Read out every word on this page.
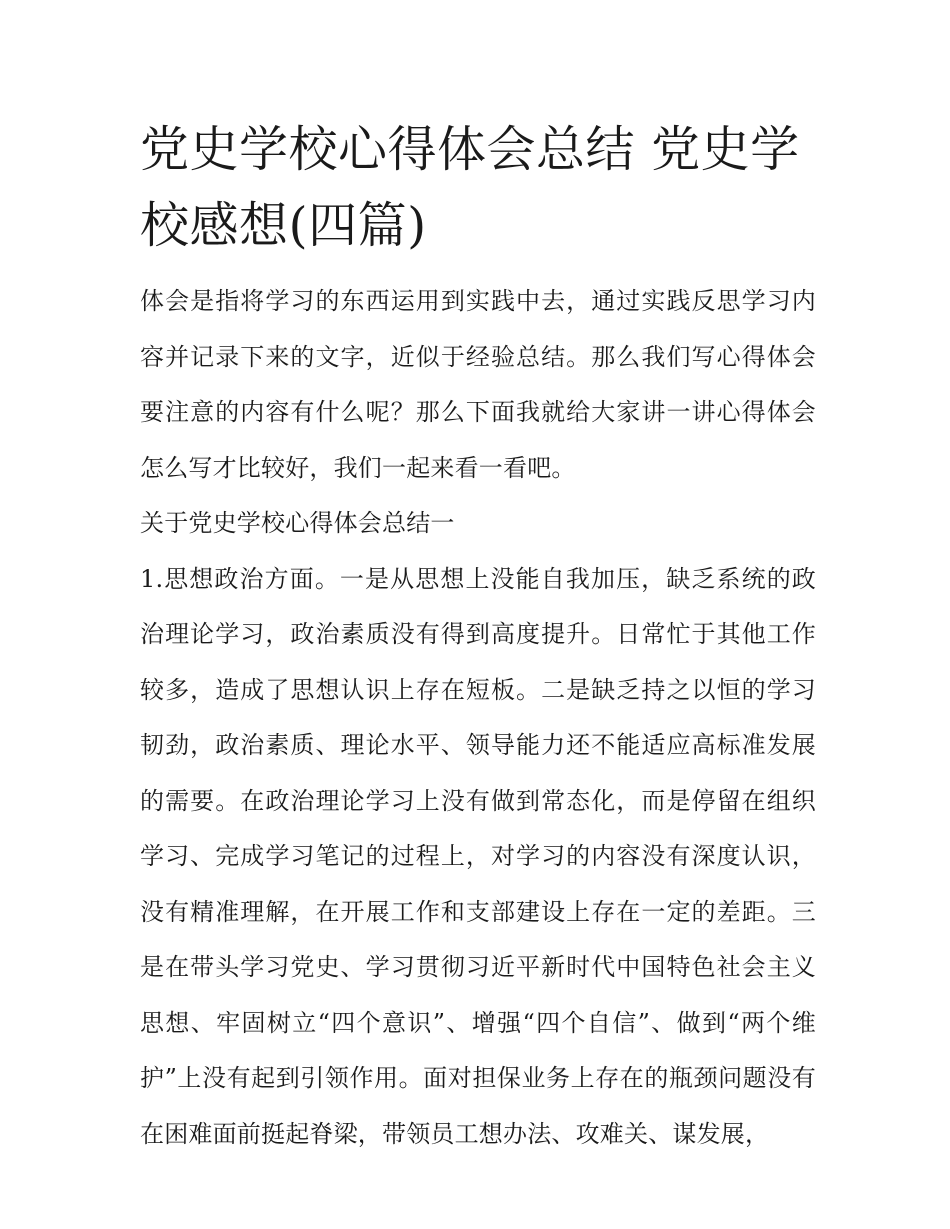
党史学校心得体会总结 党史学校感想(四篇)

体会是指将学习的东西运用到实践中去，通过实践反思学习内容并记录下来的文字，近似于经验总结。那么我们写心得体会要注意的内容有什么呢？那么下面我就给大家讲一讲心得体会怎么写才比较好，我们一起来看一看吧。

关于党史学校心得体会总结一

1.思想政治方面。一是从思想上没能自我加压，缺乏系统的政治理论学习，政治素质没有得到高度提升。日常忙于其他工作较多，造成了思想认识上存在短板。二是缺乏持之以恒的学习韧劲，政治素质、理论水平、领导能力还不能适应高标准发展的需要。在政治理论学习上没有做到常态化，而是停留在组织学习、完成学习笔记的过程上，对学习的内容没有深度认识，没有精准理解，在开展工作和支部建设上存在一定的差距。三是在带头学习党史、学习贯彻习近平新时代中国特色社会主义思想、牢固树立“四个意识”、增强“四个自信”、做到“两个维护”上没有起到引领作用。面对担保业务上存在的瓶颈问题没有在困难面前挺起脊梁，带领员工想办法、攻难关、谋发展，
